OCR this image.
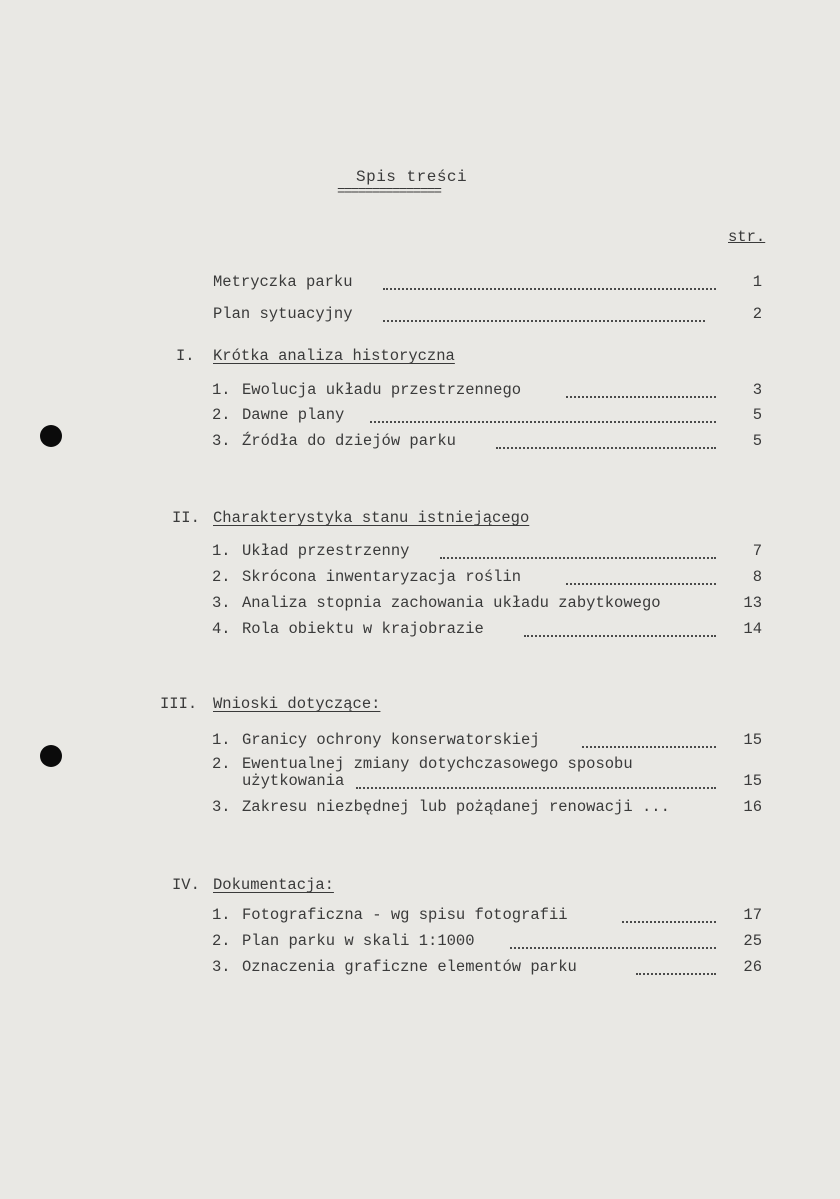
Spis treści
===============
str.
Metryczka parku	1
Plan sytuacyjny	2
I. Krótka analiza historyczna
1. Ewolucja układu przestrzennego	3
2. Dawne plany	5
3. Źródła do dziejów parku	5
II. Charakterystyka stanu istniejącego
1. Układ przestrzenny	7
2. Skrócona inwentaryzacja roślin	8
3. Analiza stopnia zachowania układu zabytkowego	13
4. Rola obiektu w krajobrazie	14
III. Wnioski dotyczące:
1. Granicy ochrony konserwatorskiej	15
2. Ewentualnej zmiany dotychczasowego sposobu
użytkowania	15
3. Zakresu niezbędnej lub pożądanej renowacji ...	16
IV. Dokumentacja:
1. Fotograficzna - wg spisu fotografii	17
2. Plan parku w skali 1:1000	25
3. Oznaczenia graficzne elementów parku	26
